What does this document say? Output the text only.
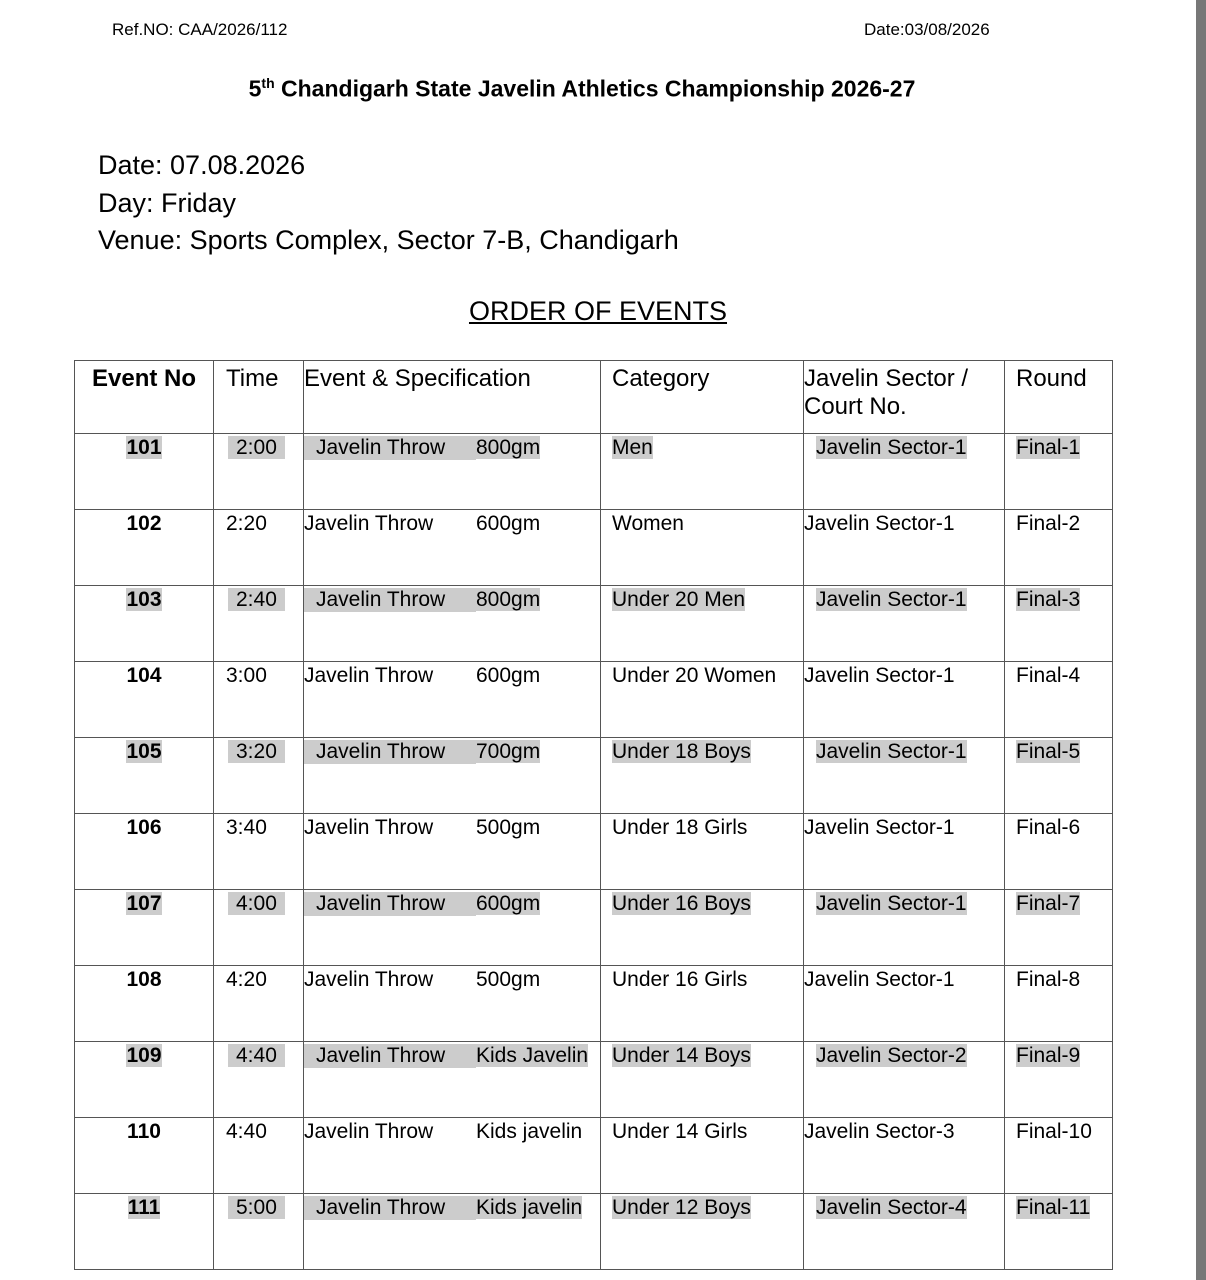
Ref.NO: CAA/2026/112	Date:03/08/2026
5th Chandigarh State Javelin Athletics Championship 2026-27
Date: 07.08.2026
Day: Friday
Venue: Sports Complex, Sector 7-B, Chandigarh
ORDER OF EVENTS
Event No	Time	Event & Specification	Category	Javelin Sector / Court No.	Round
101	2:00	Javelin Throw 800gm	Men	Javelin Sector-1	Final-1
102	2:20	Javelin Throw 600gm	Women	Javelin Sector-1	Final-2
103	2:40	Javelin Throw 800gm	Under 20 Men	Javelin Sector-1	Final-3
104	3:00	Javelin Throw 600gm	Under 20 Women	Javelin Sector-1	Final-4
105	3:20	Javelin Throw 700gm	Under 18 Boys	Javelin Sector-1	Final-5
106	3:40	Javelin Throw 500gm	Under 18 Girls	Javelin Sector-1	Final-6
107	4:00	Javelin Throw 600gm	Under 16 Boys	Javelin Sector-1	Final-7
108	4:20	Javelin Throw 500gm	Under 16 Girls	Javelin Sector-1	Final-8
109	4:40	Javelin Throw Kids Javelin	Under 14 Boys	Javelin Sector-2	Final-9
110	4:40	Javelin Throw Kids javelin	Under 14 Girls	Javelin Sector-3	Final-10
111	5:00	Javelin Throw Kids javelin	Under 12 Boys	Javelin Sector-4	Final-11
